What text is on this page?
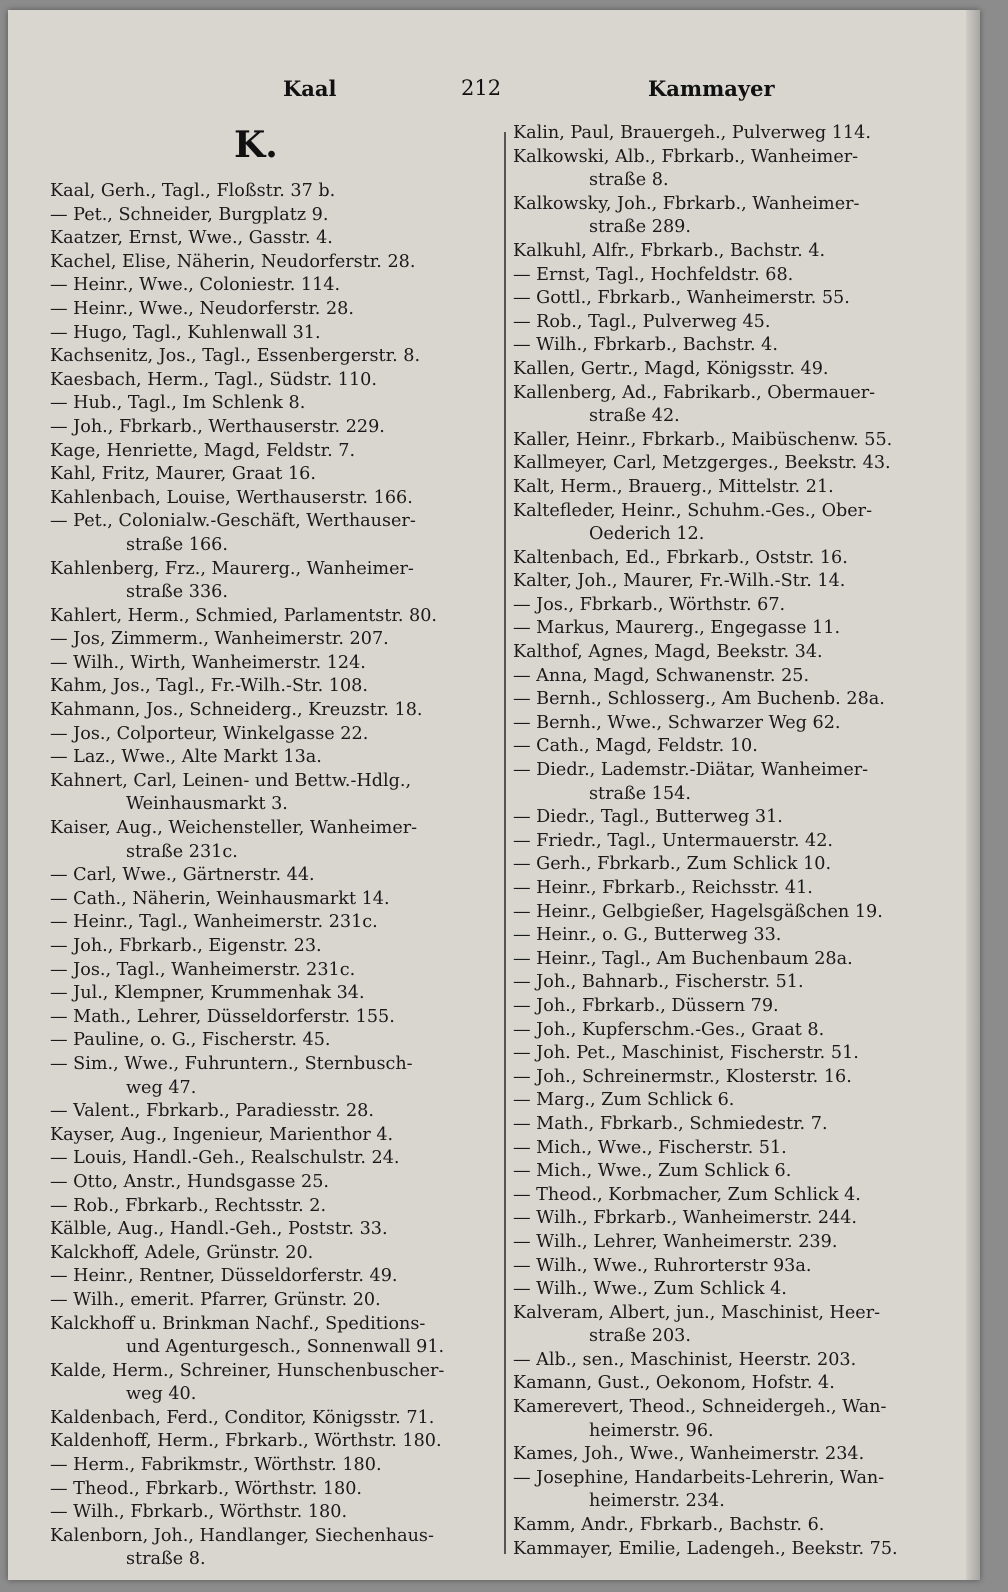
Kaal	212	Kammayer
K.
Kaal, Gerh., Tagl., Floßstr. 37 b.
— Pet., Schneider, Burgplatz 9.
Kaatzer, Ernst, Wwe., Gasstr. 4.
Kachel, Elise, Näherin, Neudorferstr. 28.
— Heinr., Wwe., Coloniestr. 114.
— Heinr., Wwe., Neudorferstr. 28.
— Hugo, Tagl., Kuhlenwall 31.
Kachsenitz, Jos., Tagl., Essenbergerstr. 8.
Kaesbach, Herm., Tagl., Südstr. 110.
— Hub., Tagl., Im Schlenk 8.
— Joh., Fbrkarb., Werthauserstr. 229.
Kage, Henriette, Magd, Feldstr. 7.
Kahl, Fritz, Maurer, Graat 16.
Kahlenbach, Louise, Werthauserstr. 166.
— Pet., Colonialw.-Geschäft, Werthauser-
straße 166.
Kahlenberg, Frz., Maurerg., Wanheimer-
straße 336.
Kahlert, Herm., Schmied, Parlamentstr. 80.
— Jos, Zimmerm., Wanheimerstr. 207.
— Wilh., Wirth, Wanheimerstr. 124.
Kahm, Jos., Tagl., Fr.-Wilh.-Str. 108.
Kahmann, Jos., Schneiderg., Kreuzstr. 18.
— Jos., Colporteur, Winkelgasse 22.
— Laz., Wwe., Alte Markt 13a.
Kahnert, Carl, Leinen- und Bettw.-Hdlg.,
Weinhausmarkt 3.
Kaiser, Aug., Weichensteller, Wanheimer-
straße 231c.
— Carl, Wwe., Gärtnerstr. 44.
— Cath., Näherin, Weinhausmarkt 14.
— Heinr., Tagl., Wanheimerstr. 231c.
— Joh., Fbrkarb., Eigenstr. 23.
— Jos., Tagl., Wanheimerstr. 231c.
— Jul., Klempner, Krummenhak 34.
— Math., Lehrer, Düsseldorferstr. 155.
— Pauline, o. G., Fischerstr. 45.
— Sim., Wwe., Fuhruntern., Sternbusch-
weg 47.
— Valent., Fbrkarb., Paradiesstr. 28.
Kayser, Aug., Ingenieur, Marienthor 4.
— Louis, Handl.-Geh., Realschulstr. 24.
— Otto, Anstr., Hundsgasse 25.
— Rob., Fbrkarb., Rechtsstr. 2.
Kälble, Aug., Handl.-Geh., Poststr. 33.
Kalckhoff, Adele, Grünstr. 20.
— Heinr., Rentner, Düsseldorferstr. 49.
— Wilh., emerit. Pfarrer, Grünstr. 20.
Kalckhoff u. Brinkman Nachf., Speditions-
und Agenturgesch., Sonnenwall 91.
Kalde, Herm., Schreiner, Hunschenbuscher-
weg 40.
Kaldenbach, Ferd., Conditor, Königsstr. 71.
Kaldenhoff, Herm., Fbrkarb., Wörthstr. 180.
— Herm., Fabrikmstr., Wörthstr. 180.
— Theod., Fbrkarb., Wörthstr. 180.
— Wilh., Fbrkarb., Wörthstr. 180.
Kalenborn, Joh., Handlanger, Siechenhaus-
straße 8.
Kalin, Paul, Brauergeh., Pulverweg 114.
Kalkowski, Alb., Fbrkarb., Wanheimer-
straße 8.
Kalkowsky, Joh., Fbrkarb., Wanheimer-
straße 289.
Kalkuhl, Alfr., Fbrkarb., Bachstr. 4.
— Ernst, Tagl., Hochfeldstr. 68.
— Gottl., Fbrkarb., Wanheimerstr. 55.
— Rob., Tagl., Pulverweg 45.
— Wilh., Fbrkarb., Bachstr. 4.
Kallen, Gertr., Magd, Königsstr. 49.
Kallenberg, Ad., Fabrikarb., Obermauer-
straße 42.
Kaller, Heinr., Fbrkarb., Maibüschenw. 55.
Kallmeyer, Carl, Metzgerges., Beekstr. 43.
Kalt, Herm., Brauerg., Mittelstr. 21.
Kaltefleder, Heinr., Schuhm.-Ges., Ober-
Oederich 12.
Kaltenbach, Ed., Fbrkarb., Oststr. 16.
Kalter, Joh., Maurer, Fr.-Wilh.-Str. 14.
— Jos., Fbrkarb., Wörthstr. 67.
— Markus, Maurerg., Engegasse 11.
Kalthof, Agnes, Magd, Beekstr. 34.
— Anna, Magd, Schwanenstr. 25.
— Bernh., Schlosserg., Am Buchenb. 28a.
— Bernh., Wwe., Schwarzer Weg 62.
— Cath., Magd, Feldstr. 10.
— Diedr., Lademstr.-Diätar, Wanheimer-
straße 154.
— Diedr., Tagl., Butterweg 31.
— Friedr., Tagl., Untermauerstr. 42.
— Gerh., Fbrkarb., Zum Schlick 10.
— Heinr., Fbrkarb., Reichsstr. 41.
— Heinr., Gelbgießer, Hagelsgäßchen 19.
— Heinr., o. G., Butterweg 33.
— Heinr., Tagl., Am Buchenbaum 28a.
— Joh., Bahnarb., Fischerstr. 51.
— Joh., Fbrkarb., Düssern 79.
— Joh., Kupferschm.-Ges., Graat 8.
— Joh. Pet., Maschinist, Fischerstr. 51.
— Joh., Schreinermstr., Klosterstr. 16.
— Marg., Zum Schlick 6.
— Math., Fbrkarb., Schmiedestr. 7.
— Mich., Wwe., Fischerstr. 51.
— Mich., Wwe., Zum Schlick 6.
— Theod., Korbmacher, Zum Schlick 4.
— Wilh., Fbrkarb., Wanheimerstr. 244.
— Wilh., Lehrer, Wanheimerstr. 239.
— Wilh., Wwe., Ruhrorterstr 93a.
— Wilh., Wwe., Zum Schlick 4.
Kalveram, Albert, jun., Maschinist, Heer-
straße 203.
— Alb., sen., Maschinist, Heerstr. 203.
Kamann, Gust., Oekonom, Hofstr. 4.
Kamerevert, Theod., Schneidergeh., Wan-
heimerstr. 96.
Kames, Joh., Wwe., Wanheimerstr. 234.
— Josephine, Handarbeits-Lehrerin, Wan-
heimerstr. 234.
Kamm, Andr., Fbrkarb., Bachstr. 6.
Kammayer, Emilie, Ladengeh., Beekstr. 75.
